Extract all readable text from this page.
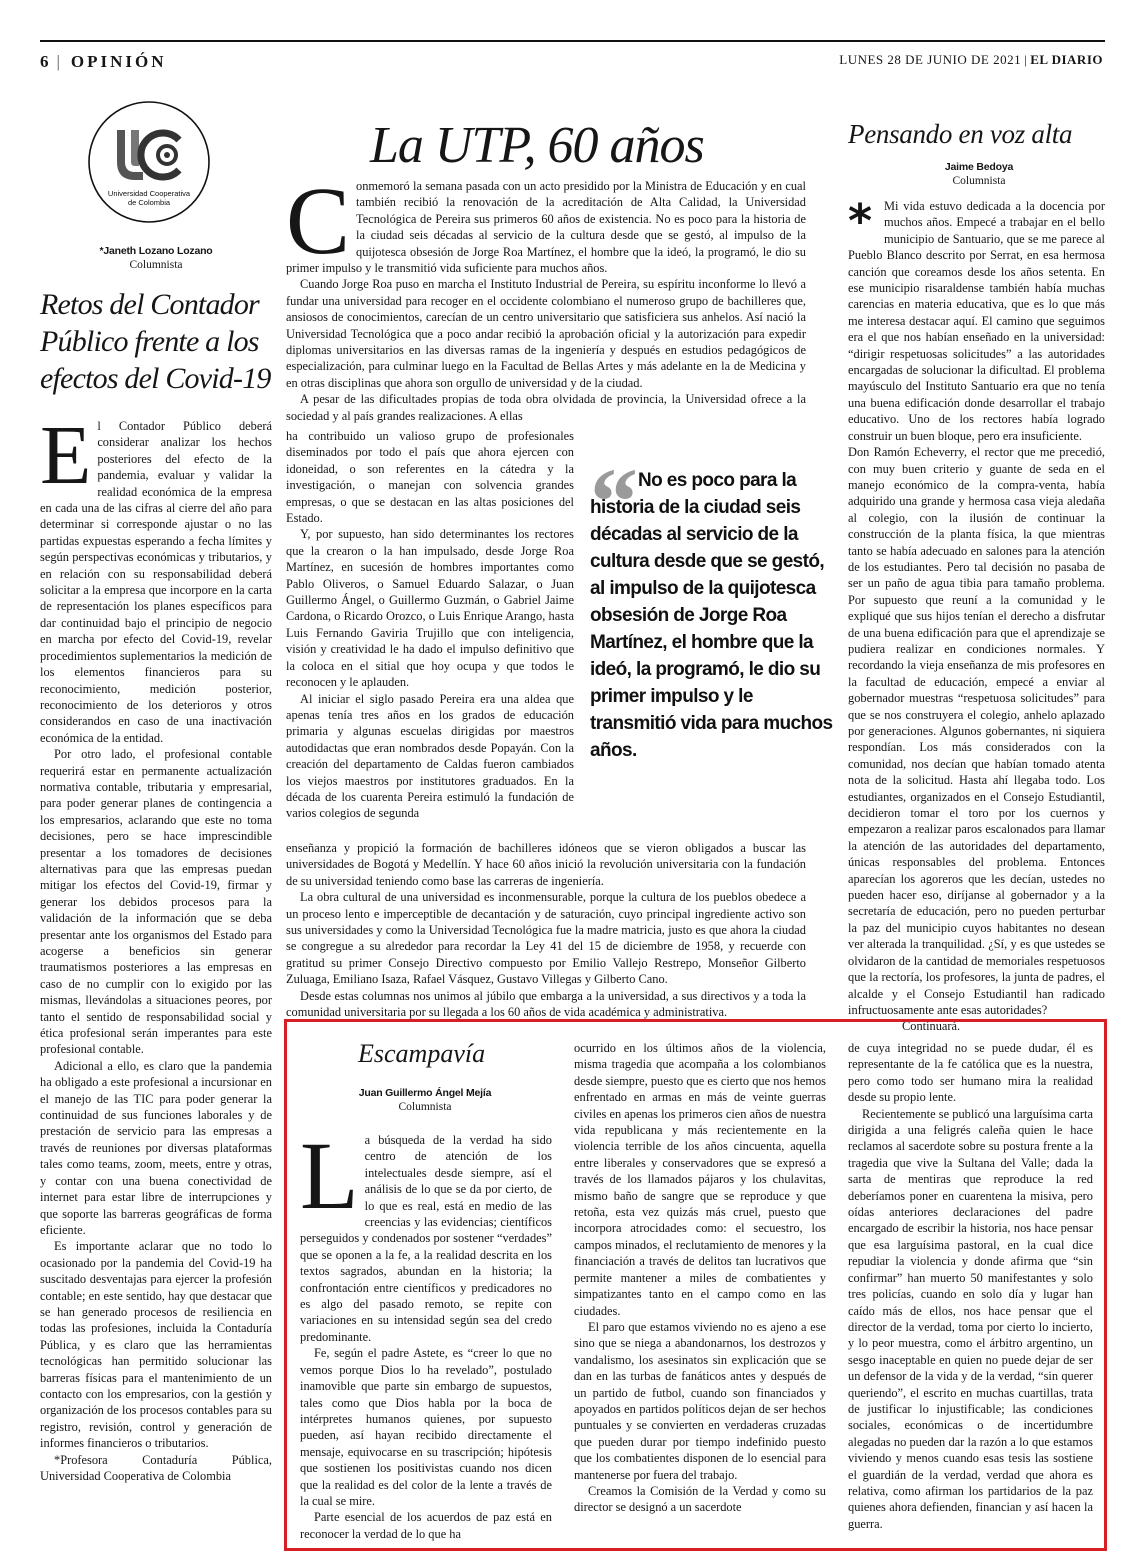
6 | OPINIÓN	LUNES 28 DE JUNIO DE 2021 | EL DIARIO
Universidad Cooperativa
de Colombia
*Janeth Lozano Lozano
Columnista
Retos del Contador Público frente a los efectos del Covid-19
E l Contador Público deberá considerar analizar los hechos posteriores del efecto de la pandemia, evaluar y validar la realidad económica de la empresa en cada una de las cifras al cierre del año para determinar si corresponde ajustar o no las partidas expuestas esperando a fecha límites y según perspectivas económicas y tributarios, y en relación con su responsabilidad deberá solicitar a la empresa que incorpore en la carta de representación los planes específicos para dar continuidad bajo el principio de negocio en marcha por efecto del Covid-19, revelar procedimientos suplementarios la medición de los elementos financieros para su reconocimiento, medición posterior, reconocimiento de los deterioros y otros considerandos en caso de una inactivación económica de la entidad.

Por otro lado, el profesional contable requerirá estar en permanente actualización normativa contable, tributaria y empresarial, para poder generar planes de contingencia a los empresarios, aclarando que este no toma decisiones, pero se hace imprescindible presentar a los tomadores de decisiones alternativas para que las empresas puedan mitigar los efectos del Covid-19, firmar y generar los debidos procesos para la validación de la información que se deba presentar ante los organismos del Estado para acogerse a beneficios sin generar traumatismos posteriores a las empresas en caso de no cumplir con lo exigido por las mismas, llevándolas a situaciones peores, por tanto el sentido de responsabilidad social y ética profesional serán imperantes para este profesional contable.

Adicional a ello, es claro que la pandemia ha obligado a este profesional a incursionar en el manejo de las TIC para poder generar la continuidad de sus funciones laborales y de prestación de servicio para las empresas a través de reuniones por diversas plataformas tales como teams, zoom, meets, entre y otras, y contar con una buena conectividad de internet para estar libre de interrupciones y que soporte las barreras geográficas de forma eficiente.

Es importante aclarar que no todo lo ocasionado por la pandemia del Covid-19 ha suscitado desventajas para ejercer la profesión contable; en este sentido, hay que destacar que se han generado procesos de resiliencia en todas las profesiones, incluida la Contaduría Pública, y es claro que las herramientas tecnológicas han permitido solucionar las barreras físicas para el mantenimiento de un contacto con los empresarios, con la gestión y organización de los procesos contables para su registro, revisión, control y generación de informes financieros o tributarios.

*Profesora Contaduría Pública, Universidad Cooperativa de Colombia

La UTP, 60 años
C onmemoró la semana pasada con un acto presidido por la Ministra de Educación y en cual también recibió la renovación de la acreditación de Alta Calidad, la Universidad Tecnológica de Pereira sus primeros 60 años de existencia. No es poco para la historia de la ciudad seis décadas al servicio de la cultura desde que se gestó, al impulso de la quijotesca obsesión de Jorge Roa Martínez, el hombre que la ideó, la programó, le dio su primer impulso y le transmitió vida suficiente para muchos años.

Cuando Jorge Roa puso en marcha el Instituto Industrial de Pereira, su espíritu inconforme lo llevó a fundar una universidad para recoger en el occidente colombiano el numeroso grupo de bachilleres que, ansiosos de conocimientos, carecían de un centro universitario que satisficiera sus anhelos. Así nació la Universidad Tecnológica que a poco andar recibió la aprobación oficial y la autorización para expedir diplomas universitarios en las diversas ramas de la ingeniería y después en estudios pedagógicos de especialización, para culminar luego en la Facultad de Bellas Artes y más adelante en la de Medicina y en otras disciplinas que ahora son orgullo de universidad y de la ciudad.

A pesar de las dificultades propias de toda obra olvidada de provincia, la Universidad ofrece a la sociedad y al país grandes realizaciones. A ellas

ha contribuido un valioso grupo de profesionales diseminados por todo el país que ahora ejercen con idoneidad, o son referentes en la cátedra y la investigación, o manejan con solvencia grandes empresas, o que se destacan en las altas posiciones del Estado.

Y, por supuesto, han sido determinantes los rectores que la crearon o la han impulsado, desde Jorge Roa Martínez, en sucesión de hombres importantes como Pablo Oliveros, o Samuel Eduardo Salazar, o Juan Guillermo Ángel, o Guillermo Guzmán, o Gabriel Jaime Cardona, o Ricardo Orozco, o Luis Enrique Arango, hasta Luis Fernando Gaviria Trujillo que con inteligencia, visión y creatividad le ha dado el impulso definitivo que la coloca en el sitial que hoy ocupa y que todos le reconocen y le aplauden.

Al iniciar el siglo pasado Pereira era una aldea que apenas tenía tres años en los grados de educación primaria y algunas escuelas dirigidas por maestros autodidactas que eran nombrados desde Popayán. Con la creación del departamento de Caldas fueron cambiados los viejos maestros por institutores graduados. En la década de los cuarenta Pereira estimuló la fundación de varios colegios de segunda

“ No es poco para la historia de la ciudad seis décadas al servicio de la cultura desde que se gestó, al impulso de la quijotesca obsesión de Jorge Roa Martínez, el hombre que la ideó, la programó, le dio su primer impulso y le transmitió vida para muchos años.

enseñanza y propició la formación de bachilleres idóneos que se vieron obligados a buscar las universidades de Bogotá y Medellín. Y hace 60 años inició la revolución universitaria con la fundación de su universidad teniendo como base las carreras de ingeniería.

La obra cultural de una universidad es inconmensurable, porque la cultura de los pueblos obedece a un proceso lento e imperceptible de decantación y de saturación, cuyo principal ingrediente activo son sus universidades y como la Universidad Tecnológica fue la madre matricia, justo es que ahora la ciudad se congregue a su alrededor para recordar la Ley 41 del 15 de diciembre de 1958, y recuerde con gratitud su primer Consejo Directivo compuesto por Emilio Vallejo Restrepo, Monseñor Gilberto Zuluaga, Emiliano Isaza, Rafael Vásquez, Gustavo Villegas y Gilberto Cano.

Desde estas columnas nos unimos al júbilo que embarga a la universidad, a sus directivos y a toda la comunidad universitaria por su llegada a los 60 años de vida académica y administrativa.

Pensando en voz alta
Jaime Bedoya
Columnista
* Mi vida estuvo dedicada a la docencia por muchos años. Empecé a trabajar en el bello municipio de Santuario, que se me parece al Pueblo Blanco descrito por Serrat, en esa hermosa canción que coreamos desde los años setenta. En ese municipio risaraldense también había muchas carencias en materia educativa, que es lo que más me interesa destacar aquí. El camino que seguimos era el que nos habían enseñado en la universidad: “dirigir respetuosas solicitudes” a las autoridades encargadas de solucionar la dificultad. El problema mayúsculo del Instituto Santuario era que no tenía una buena edificación donde desarrollar el trabajo educativo. Uno de los rectores había logrado construir un buen bloque, pero era insuficiente.

Don Ramón Echeverry, el rector que me precedió, con muy buen criterio y guante de seda en el manejo económico de la compra-venta, había adquirido una grande y hermosa casa vieja aledaña al colegio, con la ilusión de continuar la construcción de la planta física, la que mientras tanto se había adecuado en salones para la atención de los estudiantes. Pero tal decisión no pasaba de ser un paño de agua tibia para tamaño problema. Por supuesto que reuní a la comunidad y le expliqué que sus hijos tenían el derecho a disfrutar de una buena edificación para que el aprendizaje se pudiera realizar en condiciones normales. Y recordando la vieja enseñanza de mis profesores en la facultad de educación, empecé a enviar al gobernador muestras “respetuosa solicitudes” para que se nos construyera el colegio, anhelo aplazado por generaciones. Algunos gobernantes, ni siquiera respondían. Los más considerados con la comunidad, nos decían que habían tomado atenta nota de la solicitud. Hasta ahí llegaba todo. Los estudiantes, organizados en el Consejo Estudiantil, decidieron tomar el toro por los cuernos y empezaron a realizar paros escalonados para llamar la atención de las autoridades del departamento, únicas responsables del problema. Entonces aparecían los agoreros que les decían, ustedes no pueden hacer eso, diríjanse al gobernador y a la secretaría de educación, pero no pueden perturbar la paz del municipio cuyos habitantes no desean ver alterada la tranquilidad. ¿Sí, y es que ustedes se olvidaron de la cantidad de memoriales respetuosos que la rectoría, los profesores, la junta de padres, el alcalde y el Consejo Estudiantil han radicado infructuosamente ante esas autoridades?

Continuará.

Escampavía
Juan Guillermo Ángel Mejía
Columnista
L a búsqueda de la verdad ha sido centro de atención de los intelectuales desde siempre, así el análisis de lo que se da por cierto, de lo que es real, está en medio de las creencias y las evidencias; científicos perseguidos y condenados por sostener “verdades” que se oponen a la fe, a la realidad descrita en los textos sagrados, abundan en la historia; la confrontación entre científicos y predicadores no es algo del pasado remoto, se repite con variaciones en su intensidad según sea del credo predominante.

Fe, según el padre Astete, es “creer lo que no vemos porque Dios lo ha revelado”, postulado inamovible que parte sin embargo de supuestos, tales como que Dios habla por la boca de intérpretes humanos quienes, por supuesto pueden, así hayan recibido directamente el mensaje, equivocarse en su trascripción; hipótesis que sostienen los positivistas cuando nos dicen que la realidad es del color de la lente a través de la cual se mire.

Parte esencial de los acuerdos de paz está en reconocer la verdad de lo que ha

ocurrido en los últimos años de la violencia, misma tragedia que acompaña a los colombianos desde siempre, puesto que es cierto que nos hemos enfrentado en armas en más de veinte guerras civiles en apenas los primeros cien años de nuestra vida republicana y más recientemente en la violencia terrible de los años cincuenta, aquella entre liberales y conservadores que se expresó a través de los llamados pájaros y los chulavitas, mismo baño de sangre que se reproduce y que retoña, esta vez quizás más cruel, puesto que incorpora atrocidades como: el secuestro, los campos minados, el reclutamiento de menores y la financiación a través de delitos tan lucrativos que permite mantener a miles de combatientes y simpatizantes tanto en el campo como en las ciudades.

El paro que estamos viviendo no es ajeno a ese sino que se niega a abandonarnos, los destrozos y vandalismo, los asesinatos sin explicación que se dan en las turbas de fanáticos antes y después de un partido de futbol, cuando son financiados y apoyados en partidos políticos dejan de ser hechos puntuales y se convierten en verdaderas cruzadas que pueden durar por tiempo indefinido puesto que los combatientes disponen de lo esencial para mantenerse por fuera del trabajo.

Creamos la Comisión de la Verdad y como su director se designó a un sacerdote

de cuya integridad no se puede dudar, él es representante de la fe católica que es la nuestra, pero como todo ser humano mira la realidad desde su propio lente.

Recientemente se publicó una larguísima carta dirigida a una feligrés caleña quien le hace reclamos al sacerdote sobre su postura frente a la tragedia que vive la Sultana del Valle; dada la sarta de mentiras que reproduce la red deberíamos poner en cuarentena la misiva, pero oídas anteriores declaraciones del padre encargado de escribir la historia, nos hace pensar que esa larguísima pastoral, en la cual dice repudiar la violencia y donde afirma que “sin confirmar” han muerto 50 manifestantes y solo tres policías, cuando en solo día y lugar han caído más de ellos, nos hace pensar que el director de la verdad, toma por cierto lo incierto, y lo peor muestra, como el árbitro argentino, un sesgo inaceptable en quien no puede dejar de ser un defensor de la vida y de la verdad, “sin querer queriendo”, el escrito en muchas cuartillas, trata de justificar lo injustificable; las condiciones sociales, económicas o de incertidumbre alegadas no pueden dar la razón a lo que estamos viviendo y menos cuando esas tesis las sostiene el guardián de la verdad, verdad que ahora es relativa, como afirman los partidarios de la paz quienes ahora defienden, financian y así hacen la guerra.
